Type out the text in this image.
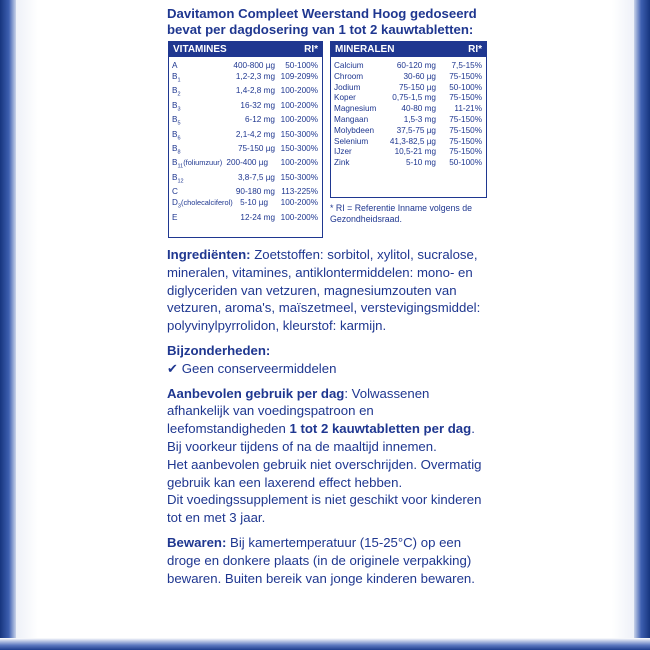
Davitamon Compleet Weerstand Hoog gedoseerd
bevat per dagdosering van 1 tot 2 kauwtabletten:

VITAMINES	RI*
A	400-800 µg	50-100%
$B_1$	1,2-2,3 mg 109-209%
$B_2$	1,4-2,8 mg 100-200%
$B_3$	16-32 mg 100-200%
$B_5$	6-12 mg 100-200%
$B_6$	2,1-4,2 mg 150-300%
$B_8$	75-150 µg 150-300%
$B_{11}(foliumzuur)$ 200-400 µg	100-200%
$B_{12}$	3,8-7,5 µg 150-300%
C	90-180 mg 113-225%
$D_3(cholecalciferol)$ 5-10 µg	100-200%
E	12-24 mg 100-200%
MINERALEN	RI*
Calcium	60-120 mg	7,5-15%
Chroom	30-60 µg	75-150%
Jodium	75-150 µg	50-100%
Koper	0,75-1,5 mg	75-150%
Magnesium	40-80 mg	11-21%
Mangaan	1,5-3 mg	75-150%
Molybdeen	37,5-75 µg	75-150%
Selenium	41,3-82,5 µg	75-150%
IJzer	10,5-21 mg	75-150%
Zink	5-10 mg	50-100%
* RI = Referentie Inname volgens de Gezondheidsraad.

Ingrediënten: Zoetstoffen: sorbitol, xylitol, sucralose, mineralen, vitamines, antiklontermiddelen: mono- en diglyceriden van vetzuren, magnesiumzouten van vetzuren, aroma's, maïszetmeel, verstevigingsmiddel: polyvinylpyrrolidon, kleurstof: karmijn.

Bijzonderheden:
✔ Geen conserveermiddelen

Aanbevolen gebruik per dag: Volwassenen afhankelijk van voedingspatroon en leefomstandigheden 1 tot 2 kauwtabletten per dag.
Bij voorkeur tijdens of na de maaltijd innemen.
Het aanbevolen gebruik niet overschrijden. Overmatig gebruik kan een laxerend effect hebben.
Dit voedingssupplement is niet geschikt voor kinderen tot en met 3 jaar.

Bewaren: Bij kamertemperatuur (15-25°C) op een droge en donkere plaats (in de originele verpakking) bewaren. Buiten bereik van jonge kinderen bewaren.
